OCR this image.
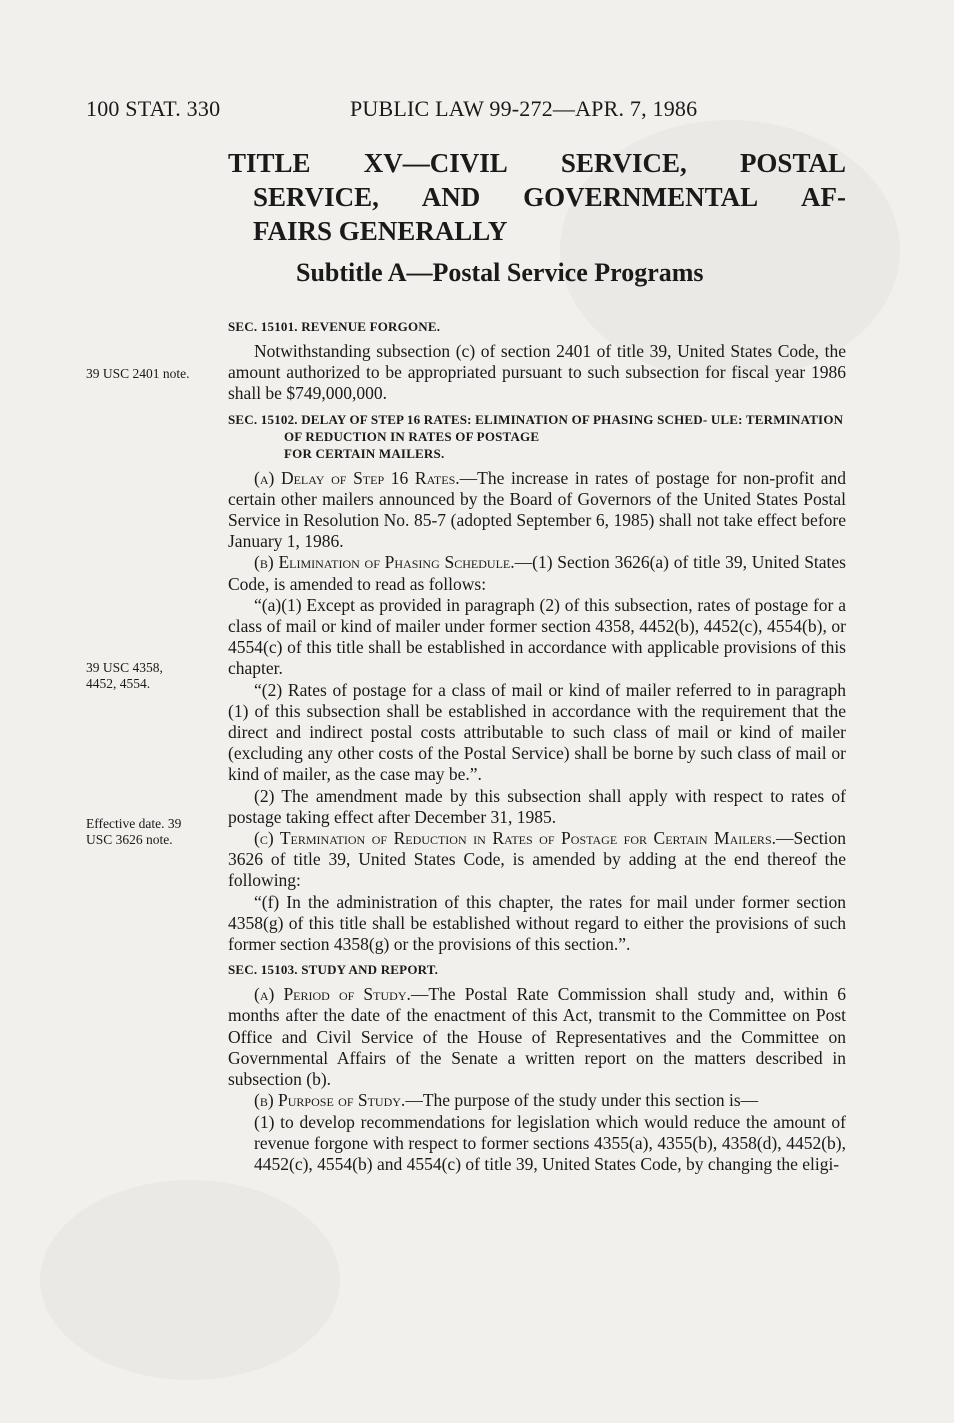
100 STAT. 330	PUBLIC LAW 99-272—APR. 7, 1986
TITLE XV—CIVIL SERVICE, POSTAL
SERVICE, AND GOVERNMENTAL AF-
FAIRS GENERALLY
Subtitle A—Postal Service Programs
39 USC 2401 note.
39 USC 4358, 4452, 4554.
Effective date. 39 USC 3626 note.
SEC. 15101. REVENUE FORGONE.

Notwithstanding subsection (c) of section 2401 of title 39, United States Code, the amount authorized to be appropriated pursuant to such subsection for fiscal year 1986 shall be $749,000,000.

SEC. 15102. DELAY OF STEP 16 RATES: ELIMINATION OF PHASING SCHED- ULE: TERMINATION OF REDUCTION IN RATES OF POSTAGE
FOR CERTAIN MAILERS.

(a) Delay of Step 16 Rates.—The increase in rates of postage for non-profit and certain other mailers announced by the Board of Governors of the United States Postal Service in Resolution No. 85-7 (adopted September 6, 1985) shall not take effect before January 1, 1986.

(b) Elimination of Phasing Schedule.—(1) Section 3626(a) of title 39, United States Code, is amended to read as follows:

“(a)(1) Except as provided in paragraph (2) of this subsection, rates of postage for a class of mail or kind of mailer under former section 4358, 4452(b), 4452(c), 4554(b), or 4554(c) of this title shall be established in accordance with applicable provisions of this chapter.

“(2) Rates of postage for a class of mail or kind of mailer referred to in paragraph (1) of this subsection shall be established in accordance with the requirement that the direct and indirect postal costs attributable to such class of mail or kind of mailer (excluding any other costs of the Postal Service) shall be borne by such class of mail or kind of mailer, as the case may be.”.

(2) The amendment made by this subsection shall apply with respect to rates of postage taking effect after December 31, 1985.

(c) Termination of Reduction in Rates of Postage for Certain Mailers.—Section 3626 of title 39, United States Code, is amended by adding at the end thereof the following:

“(f) In the administration of this chapter, the rates for mail under former section 4358(g) of this title shall be established without regard to either the provisions of such former section 4358(g) or the provisions of this section.”.

SEC. 15103. STUDY AND REPORT.

(a) Period of Study.—The Postal Rate Commission shall study and, within 6 months after the date of the enactment of this Act, transmit to the Committee on Post Office and Civil Service of the House of Representatives and the Committee on Governmental Affairs of the Senate a written report on the matters described in subsection (b).

(b) Purpose of Study.—The purpose of the study under this section is—

(1) to develop recommendations for legislation which would reduce the amount of revenue forgone with respect to former sections 4355(a), 4355(b), 4358(d), 4452(b), 4452(c), 4554(b) and 4554(c) of title 39, United States Code, by changing the eligi-
